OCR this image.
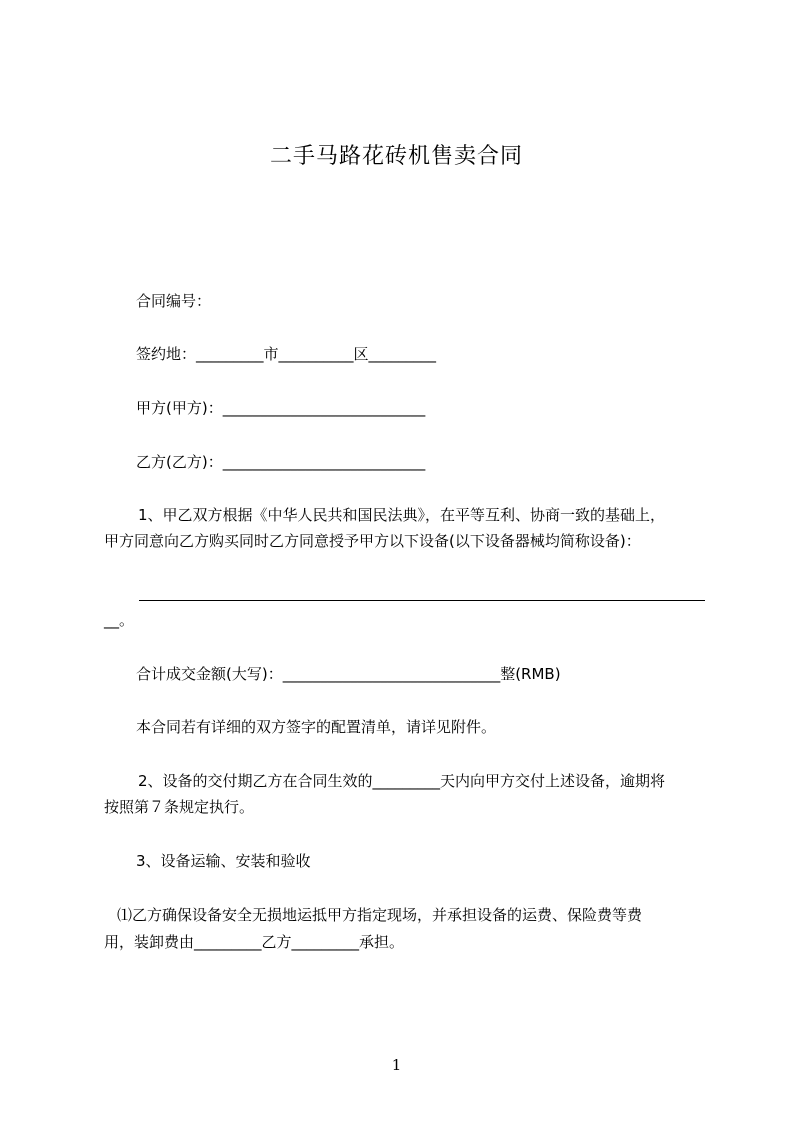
二手马路花砖机售卖合同
合同编号：
签约地：_________市__________区_________
甲方(甲方)：___________________________
乙方(乙方)：___________________________
1、甲乙双方根据《中华人民共和国民法典》，在平等互利、协商一致的基础上，
甲方同意向乙方购买同时乙方同意授予甲方以下设备(以下设备器械均简称设备)：
__。
合计成交金额(大写)：_____________________________整(RMB)
本合同若有详细的双方签字的配置清单，请详见附件。
2、设备的交付期乙方在合同生效的_________天内向甲方交付上述设备，逾期将
按照第７条规定执行。
3、设备运输、安装和验收
⑴乙方确保设备安全无损地运抵甲方指定现场，并承担设备的运费、保险费等费
用，装卸费由_________乙方_________承担。
1
